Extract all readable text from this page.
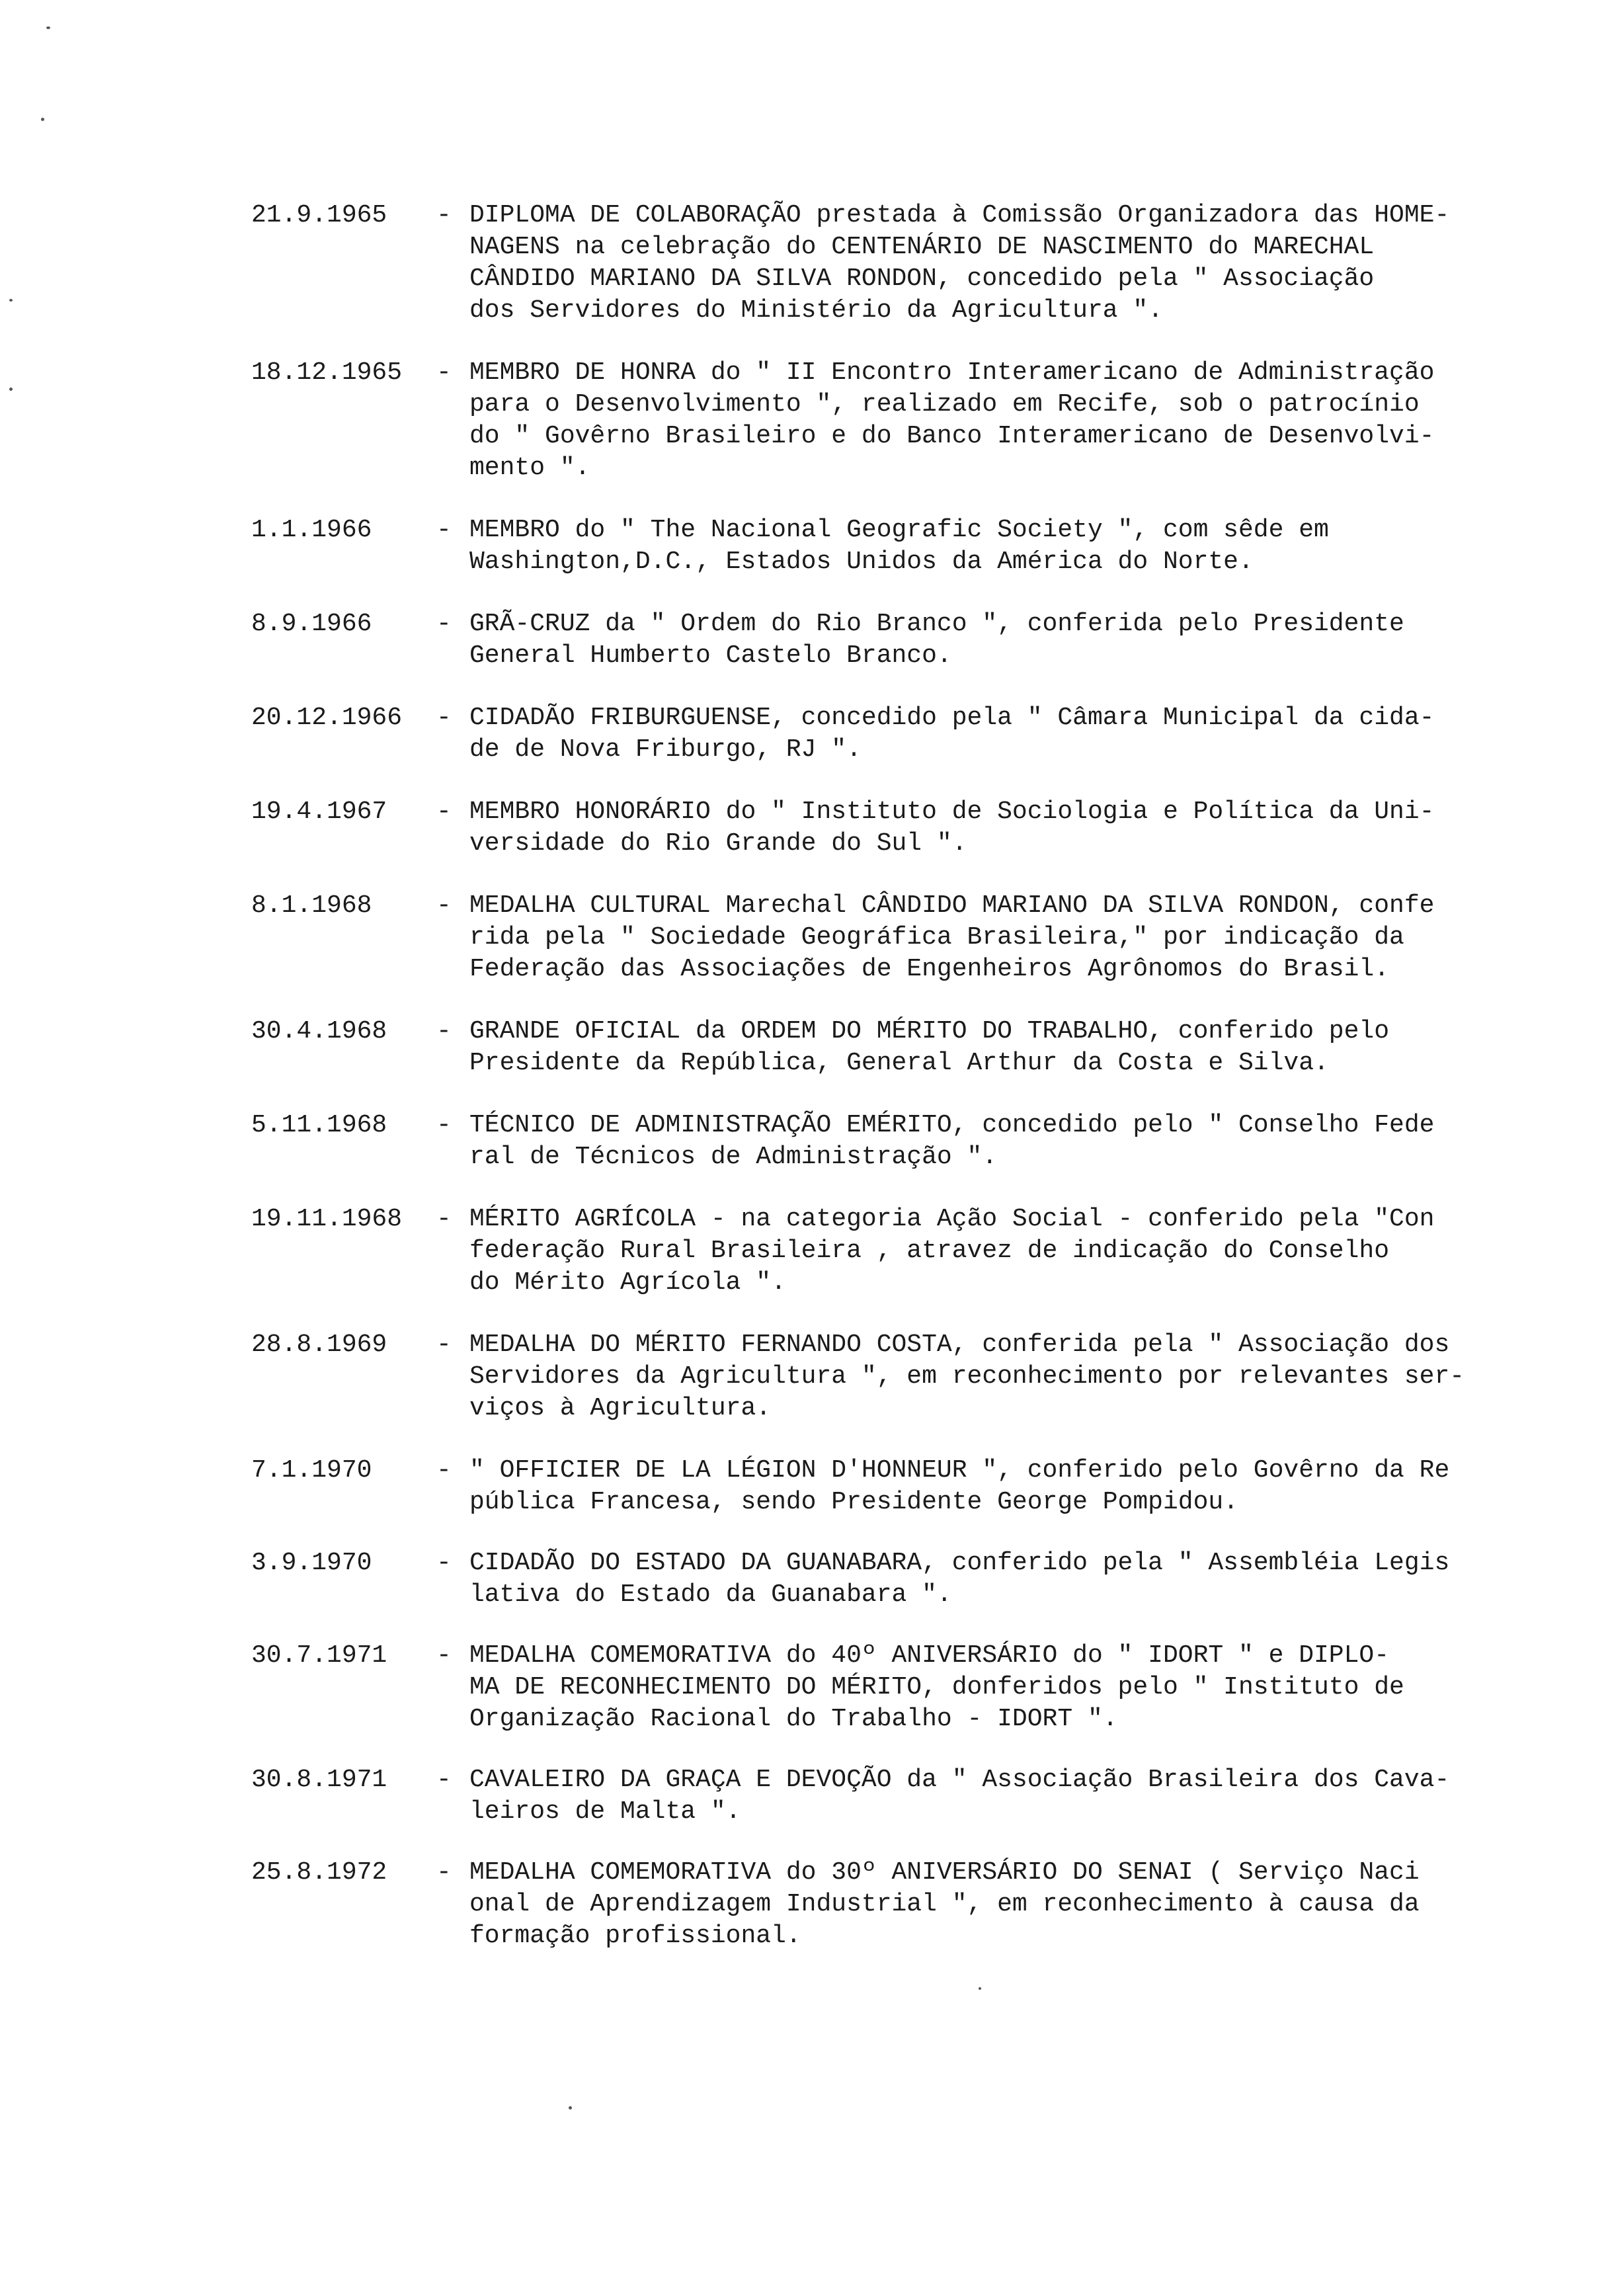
21.9.1965	- DIPLOMA DE COLABORAÇÃO prestada à Comissão Organizadora das HOME-
NAGENS na celebração do CENTENÁRIO DE NASCIMENTO do MARECHAL
CÂNDIDO MARIANO DA SILVA RONDON, concedido pela " Associação
dos Servidores do Ministério da Agricultura ".
18.12.1965	- MEMBRO DE HONRA do " II Encontro Interamericano de Administração
para o Desenvolvimento ", realizado em Recife, sob o patrocínio
do " Govêrno Brasileiro e do Banco Interamericano de Desenvolvi-
mento ".
1.1.1966	- MEMBRO do " The Nacional Geografic Society ", com sêde em
Washington,D.C., Estados Unidos da América do Norte.
8.9.1966	- GRÃ-CRUZ da " Ordem do Rio Branco ", conferida pelo Presidente
General Humberto Castelo Branco.
20.12.1966	- CIDADÃO FRIBURGUENSE, concedido pela " Câmara Municipal da cida-
de de Nova Friburgo, RJ ".
19.4.1967	- MEMBRO HONORÁRIO do " Instituto de Sociologia e Política da Uni-
versidade do Rio Grande do Sul ".
8.1.1968	- MEDALHA CULTURAL Marechal CÂNDIDO MARIANO DA SILVA RONDON, confe
rida pela " Sociedade Geográfica Brasileira," por indicação da
Federação das Associações de Engenheiros Agrônomos do Brasil.
30.4.1968	- GRANDE OFICIAL da ORDEM DO MÉRITO DO TRABALHO, conferido pelo
Presidente da República, General Arthur da Costa e Silva.
5.11.1968	- TÉCNICO DE ADMINISTRAÇÃO EMÉRITO, concedido pelo " Conselho Fede
ral de Técnicos de Administração ".
19.11.1968	- MÉRITO AGRÍCOLA - na categoria Ação Social - conferido pela "Con
federação Rural Brasileira , atravez de indicação do Conselho
do Mérito Agrícola ".
28.8.1969	- MEDALHA DO MÉRITO FERNANDO COSTA, conferida pela " Associação dos
Servidores da Agricultura ", em reconhecimento por relevantes ser-
viços à Agricultura.
7.1.1970	- " OFFICIER DE LA LÉGION D'HONNEUR ", conferido pelo Govêrno da Re
pública Francesa, sendo Presidente George Pompidou.
3.9.1970	- CIDADÃO DO ESTADO DA GUANABARA, conferido pela " Assembléia Legis
lativa do Estado da Guanabara ".
30.7.1971	- MEDALHA COMEMORATIVA do 40º ANIVERSÁRIO do " IDORT " e DIPLO-
MA DE RECONHECIMENTO DO MÉRITO, donferidos pelo " Instituto de
Organização Racional do Trabalho - IDORT ".
30.8.1971	- CAVALEIRO DA GRAÇA E DEVOÇÃO da " Associação Brasileira dos Cava-
leiros de Malta ".
25.8.1972	- MEDALHA COMEMORATIVA do 30º ANIVERSÁRIO DO SENAI ( Serviço Naci
onal de Aprendizagem Industrial ", em reconhecimento à causa da
formação profissional.
